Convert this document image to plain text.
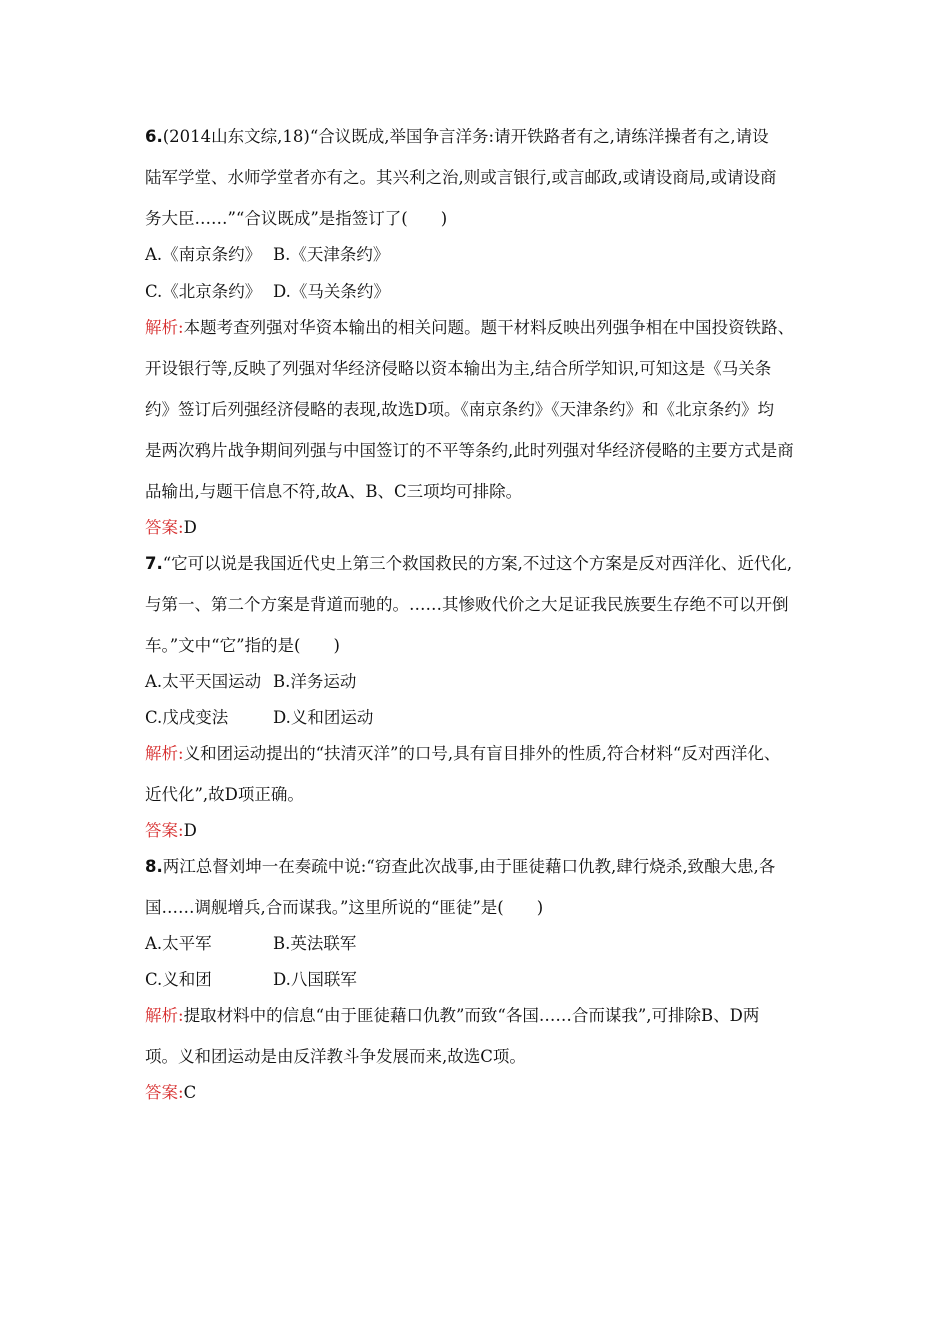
6.(2014山东文综,18)“合议既成,举国争言洋务:请开铁路者有之,请练洋操者有之,请设
陆军学堂、水师学堂者亦有之。其兴利之治,则或言银行,或言邮政,或请设商局,或请设商
务大臣……”“合议既成”是指签订了(　　)
A.《南京条约》 B.《天津条约》
C.《北京条约》 D.《马关条约》
解析:本题考查列强对华资本输出的相关问题。题干材料反映出列强争相在中国投资铁路、
开设银行等,反映了列强对华经济侵略以资本输出为主,结合所学知识,可知这是《马关条
约》签订后列强经济侵略的表现,故选D项。《南京条约》《天津条约》和《北京条约》均
是两次鸦片战争期间列强与中国签订的不平等条约,此时列强对华经济侵略的主要方式是商
品输出,与题干信息不符,故A、B、C三项均可排除。
答案:D
7.“它可以说是我国近代史上第三个救国救民的方案,不过这个方案是反对西洋化、近代化,
与第一、第二个方案是背道而驰的。……其惨败代价之大足证我民族要生存绝不可以开倒
车。”文中“它”指的是(　　)
A.太平天国运动 B.洋务运动
C.戊戌变法	D.义和团运动
解析:义和团运动提出的“扶清灭洋”的口号,具有盲目排外的性质,符合材料“反对西洋化、
近代化”,故D项正确。
答案:D
8.两江总督刘坤一在奏疏中说:“窃查此次战事,由于匪徒藉口仇教,肆行烧杀,致酿大患,各
国……调舰增兵,合而谋我。”这里所说的“匪徒”是(　　)
A.太平军	B.英法联军
C.义和团	D.八国联军
解析:提取材料中的信息“由于匪徒藉口仇教”而致“各国……合而谋我”,可排除B、D两
项。义和团运动是由反洋教斗争发展而来,故选C项。
答案:C
